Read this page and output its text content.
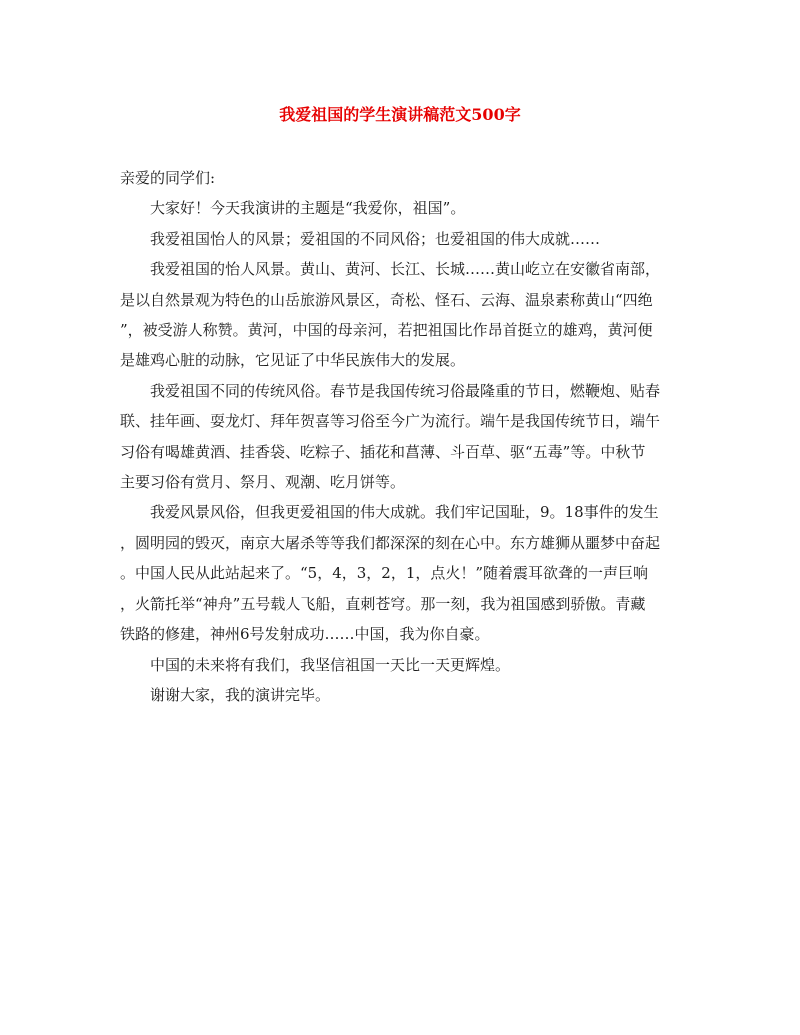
我爱祖国的学生演讲稿范文500字

亲爱的同学们:

大家好！今天我演讲的主题是“我爱你，祖国”。

我爱祖国怡人的风景；爱祖国的不同风俗；也爱祖国的伟大成就……

我爱祖国的怡人风景。黄山、黄河、长江、长城……黄山屹立在安徽省南部，
是以自然景观为特色的山岳旅游风景区，奇松、怪石、云海、温泉素称黄山“四绝
”，被受游人称赞。黄河，中国的母亲河，若把祖国比作昂首挺立的雄鸡，黄河便
是雄鸡心脏的动脉，它见证了中华民族伟大的发展。

我爱祖国不同的传统风俗。春节是我国传统习俗最隆重的节日，燃鞭炮、贴春
联、挂年画、耍龙灯、拜年贺喜等习俗至今广为流行。端午是我国传统节日，端午
习俗有喝雄黄酒、挂香袋、吃粽子、插花和菖薄、斗百草、驱“五毒”等。中秋节
主要习俗有赏月、祭月、观潮、吃月饼等。

我爱风景风俗，但我更爱祖国的伟大成就。我们牢记国耻，9。18事件的发生
，圆明园的毁灭，南京大屠杀等等我们都深深的刻在心中。东方雄狮从噩梦中奋起
。中国人民从此站起来了。“5，4，3，2，1，点火！”随着震耳欲聋的一声巨响
，火箭托举“神舟”五号载人飞船，直刺苍穹。那一刻，我为祖国感到骄傲。青藏
铁路的修建，神州6号发射成功……中国，我为你自豪。

中国的未来将有我们，我坚信祖国一天比一天更辉煌。

谢谢大家，我的演讲完毕。
